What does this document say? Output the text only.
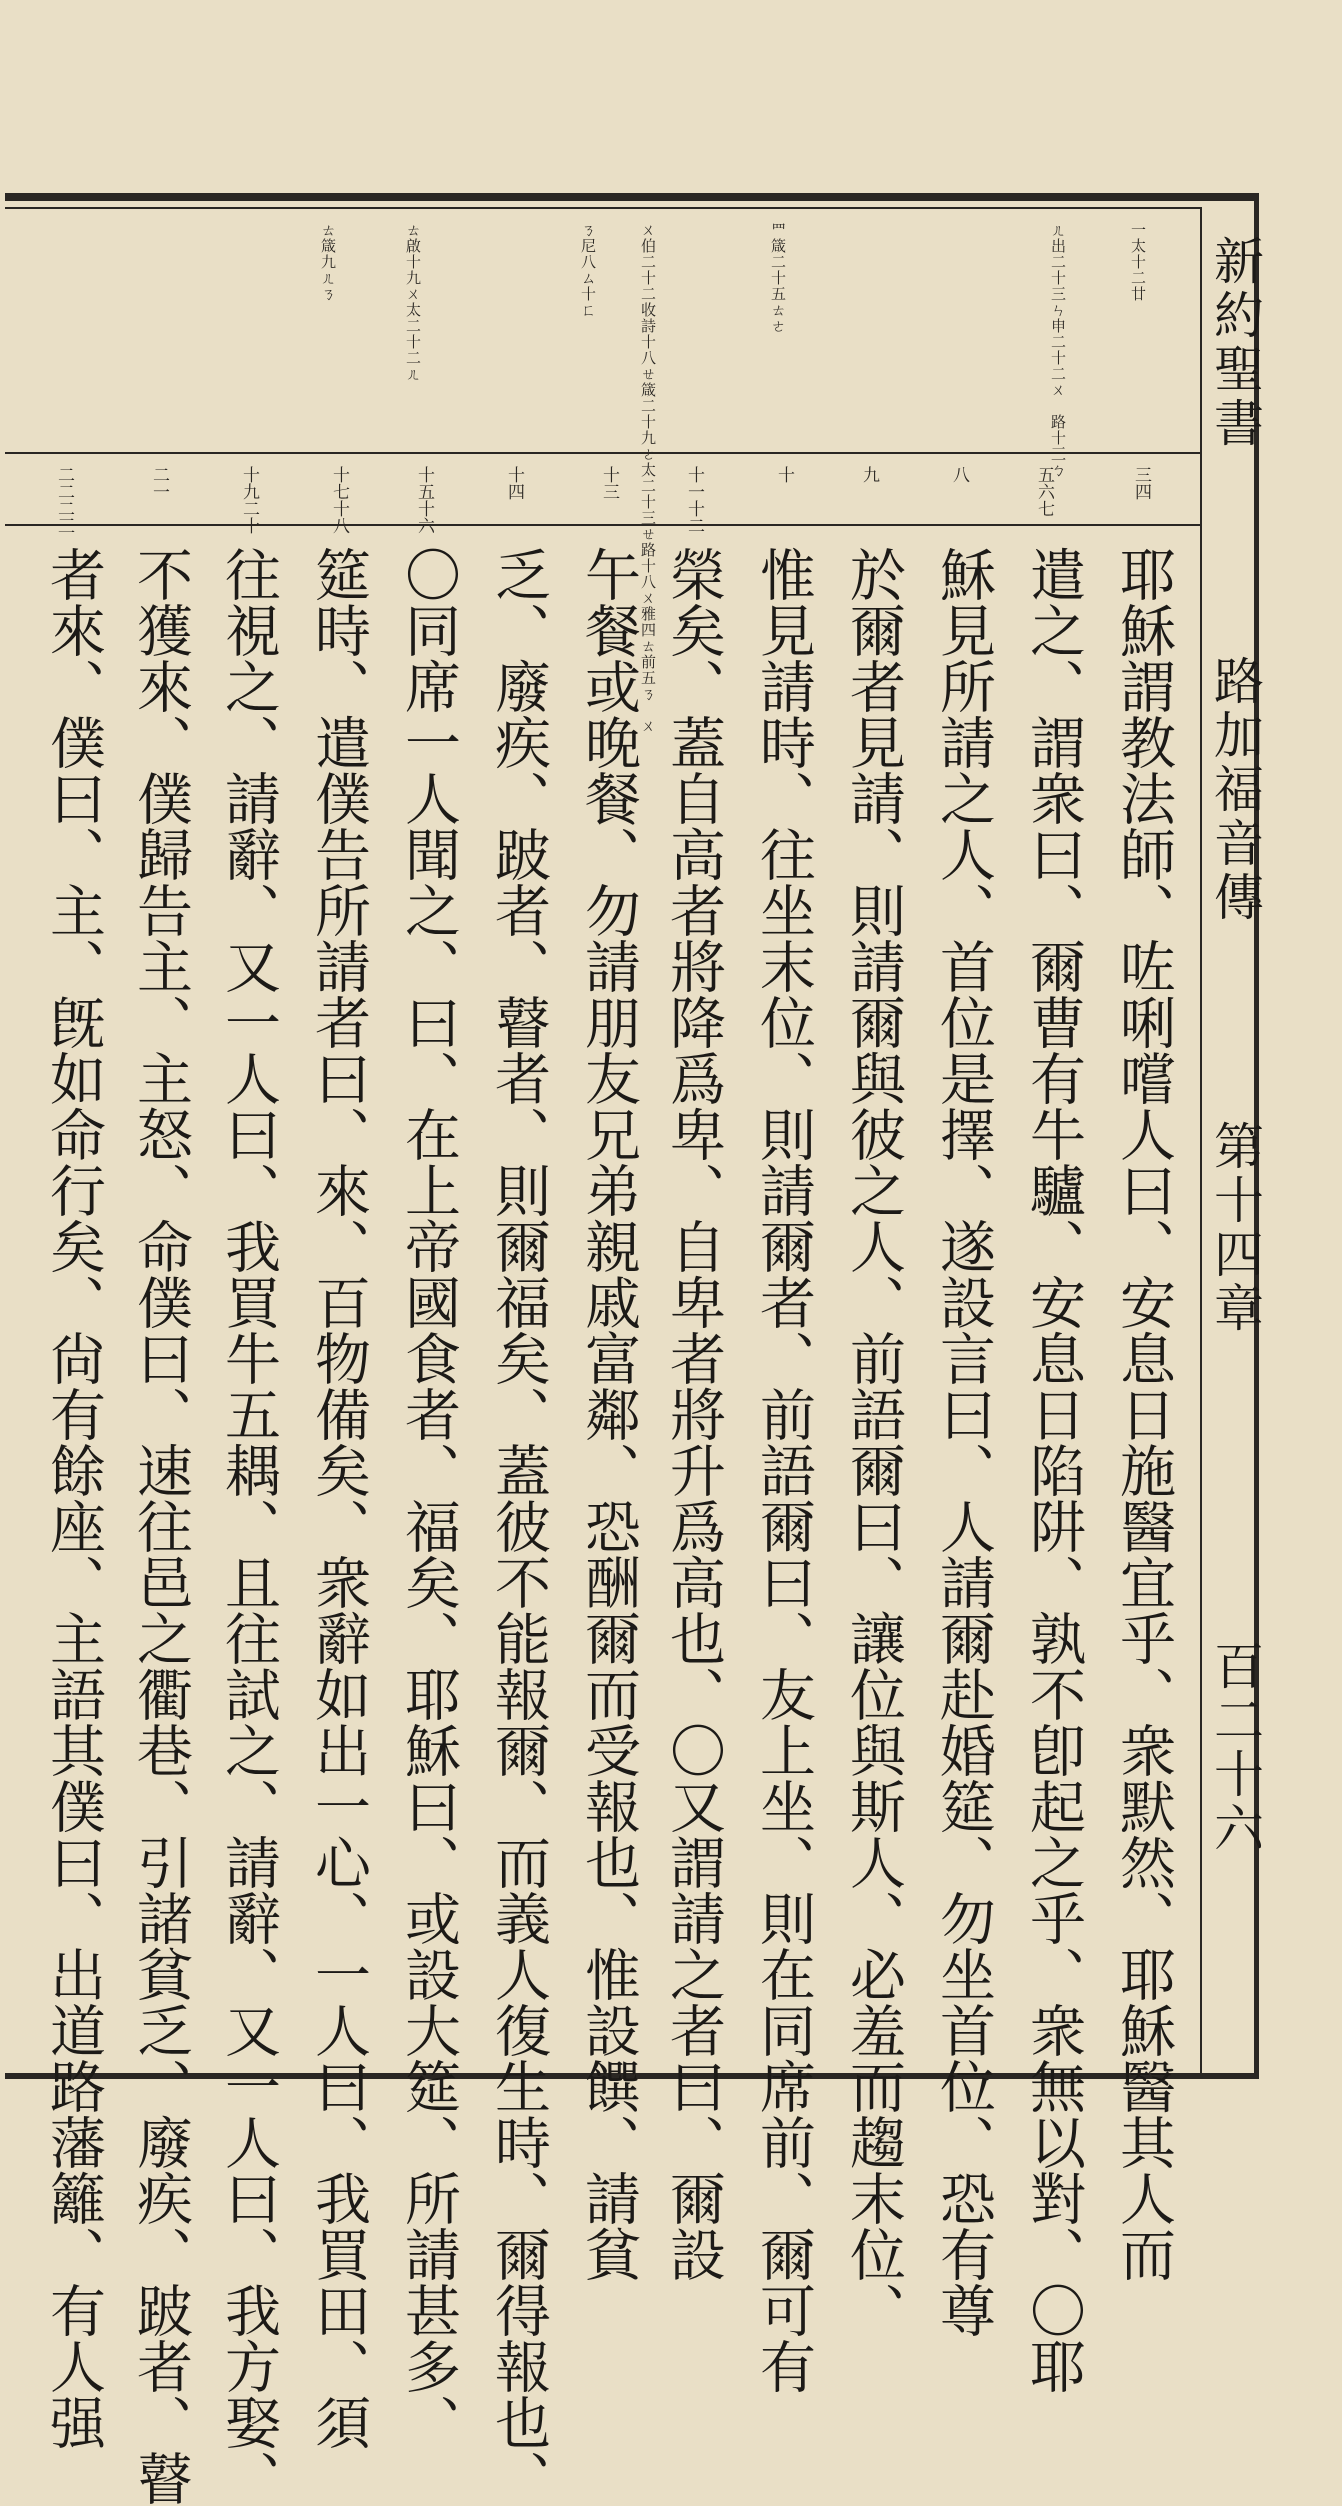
新約聖書
路加福音傳
第十四章
百二十六
一太十二廿
ㄦ出二十三ㄣ申二十二ㄨ　路十三ㄅ
罒箴二十五ㄊㄜ
ㄨ伯二十二收詩十八ㄝ箴二十九ㄜ太二十三ㄝ路十八ㄨ雅四ㄊ前五ㄋ　ㄨ
ㄋ尼八ㄙ十ㄈ
ㄊ啟十九ㄨ太二十二ㄦ
ㄊ箴九ㄦㄋ
三四
五六七
八
九
十
十一十二
十三
十四
十五十六
十七十八
十九二十
二一
二二二三
耶穌謂教法師、咗唎嚐人曰、安息日施醫宜乎、衆默然、耶穌醫其人而
遣之、謂衆曰、爾曹有牛驢、安息日陷阱、孰不卽起之乎、衆無以對、〇耶
穌見所請之人、首位是擇、遂設言曰、人請爾赴婚筵、勿坐首位、恐有尊
於爾者見請、則請爾與彼之人、前語爾曰、讓位與斯人、必羞而趨末位、
惟見請時、往坐末位、則請爾者、前語爾曰、友上坐、則在同席前、爾可有
榮矣、蓋自高者將降爲卑、自卑者將升爲高也、〇又謂請之者曰、爾設
午餐或晚餐、勿請朋友兄弟親戚富鄰、恐酬爾而受報也、惟設饌、請貧
乏、廢疾、跛者、瞽者、則爾福矣、蓋彼不能報爾、而義人復生時、爾得報也、
〇同席一人聞之、曰、在上帝國食者、福矣、耶穌曰、或設大筵、所請甚多、
筵時、遣僕告所請者曰、來、百物備矣、衆辭如出一心、一人曰、我買田、須
往視之、請辭、又一人曰、我買牛五耦、且往試之、請辭、又一人曰、我方娶、
不獲來、僕歸告主、主怒、命僕曰、速往邑之衢巷、引諸貧乏、廢疾、跛者、瞽
者來、僕曰、主、旣如命行矣、尙有餘座、主語其僕曰、出道路藩籬、有人强
